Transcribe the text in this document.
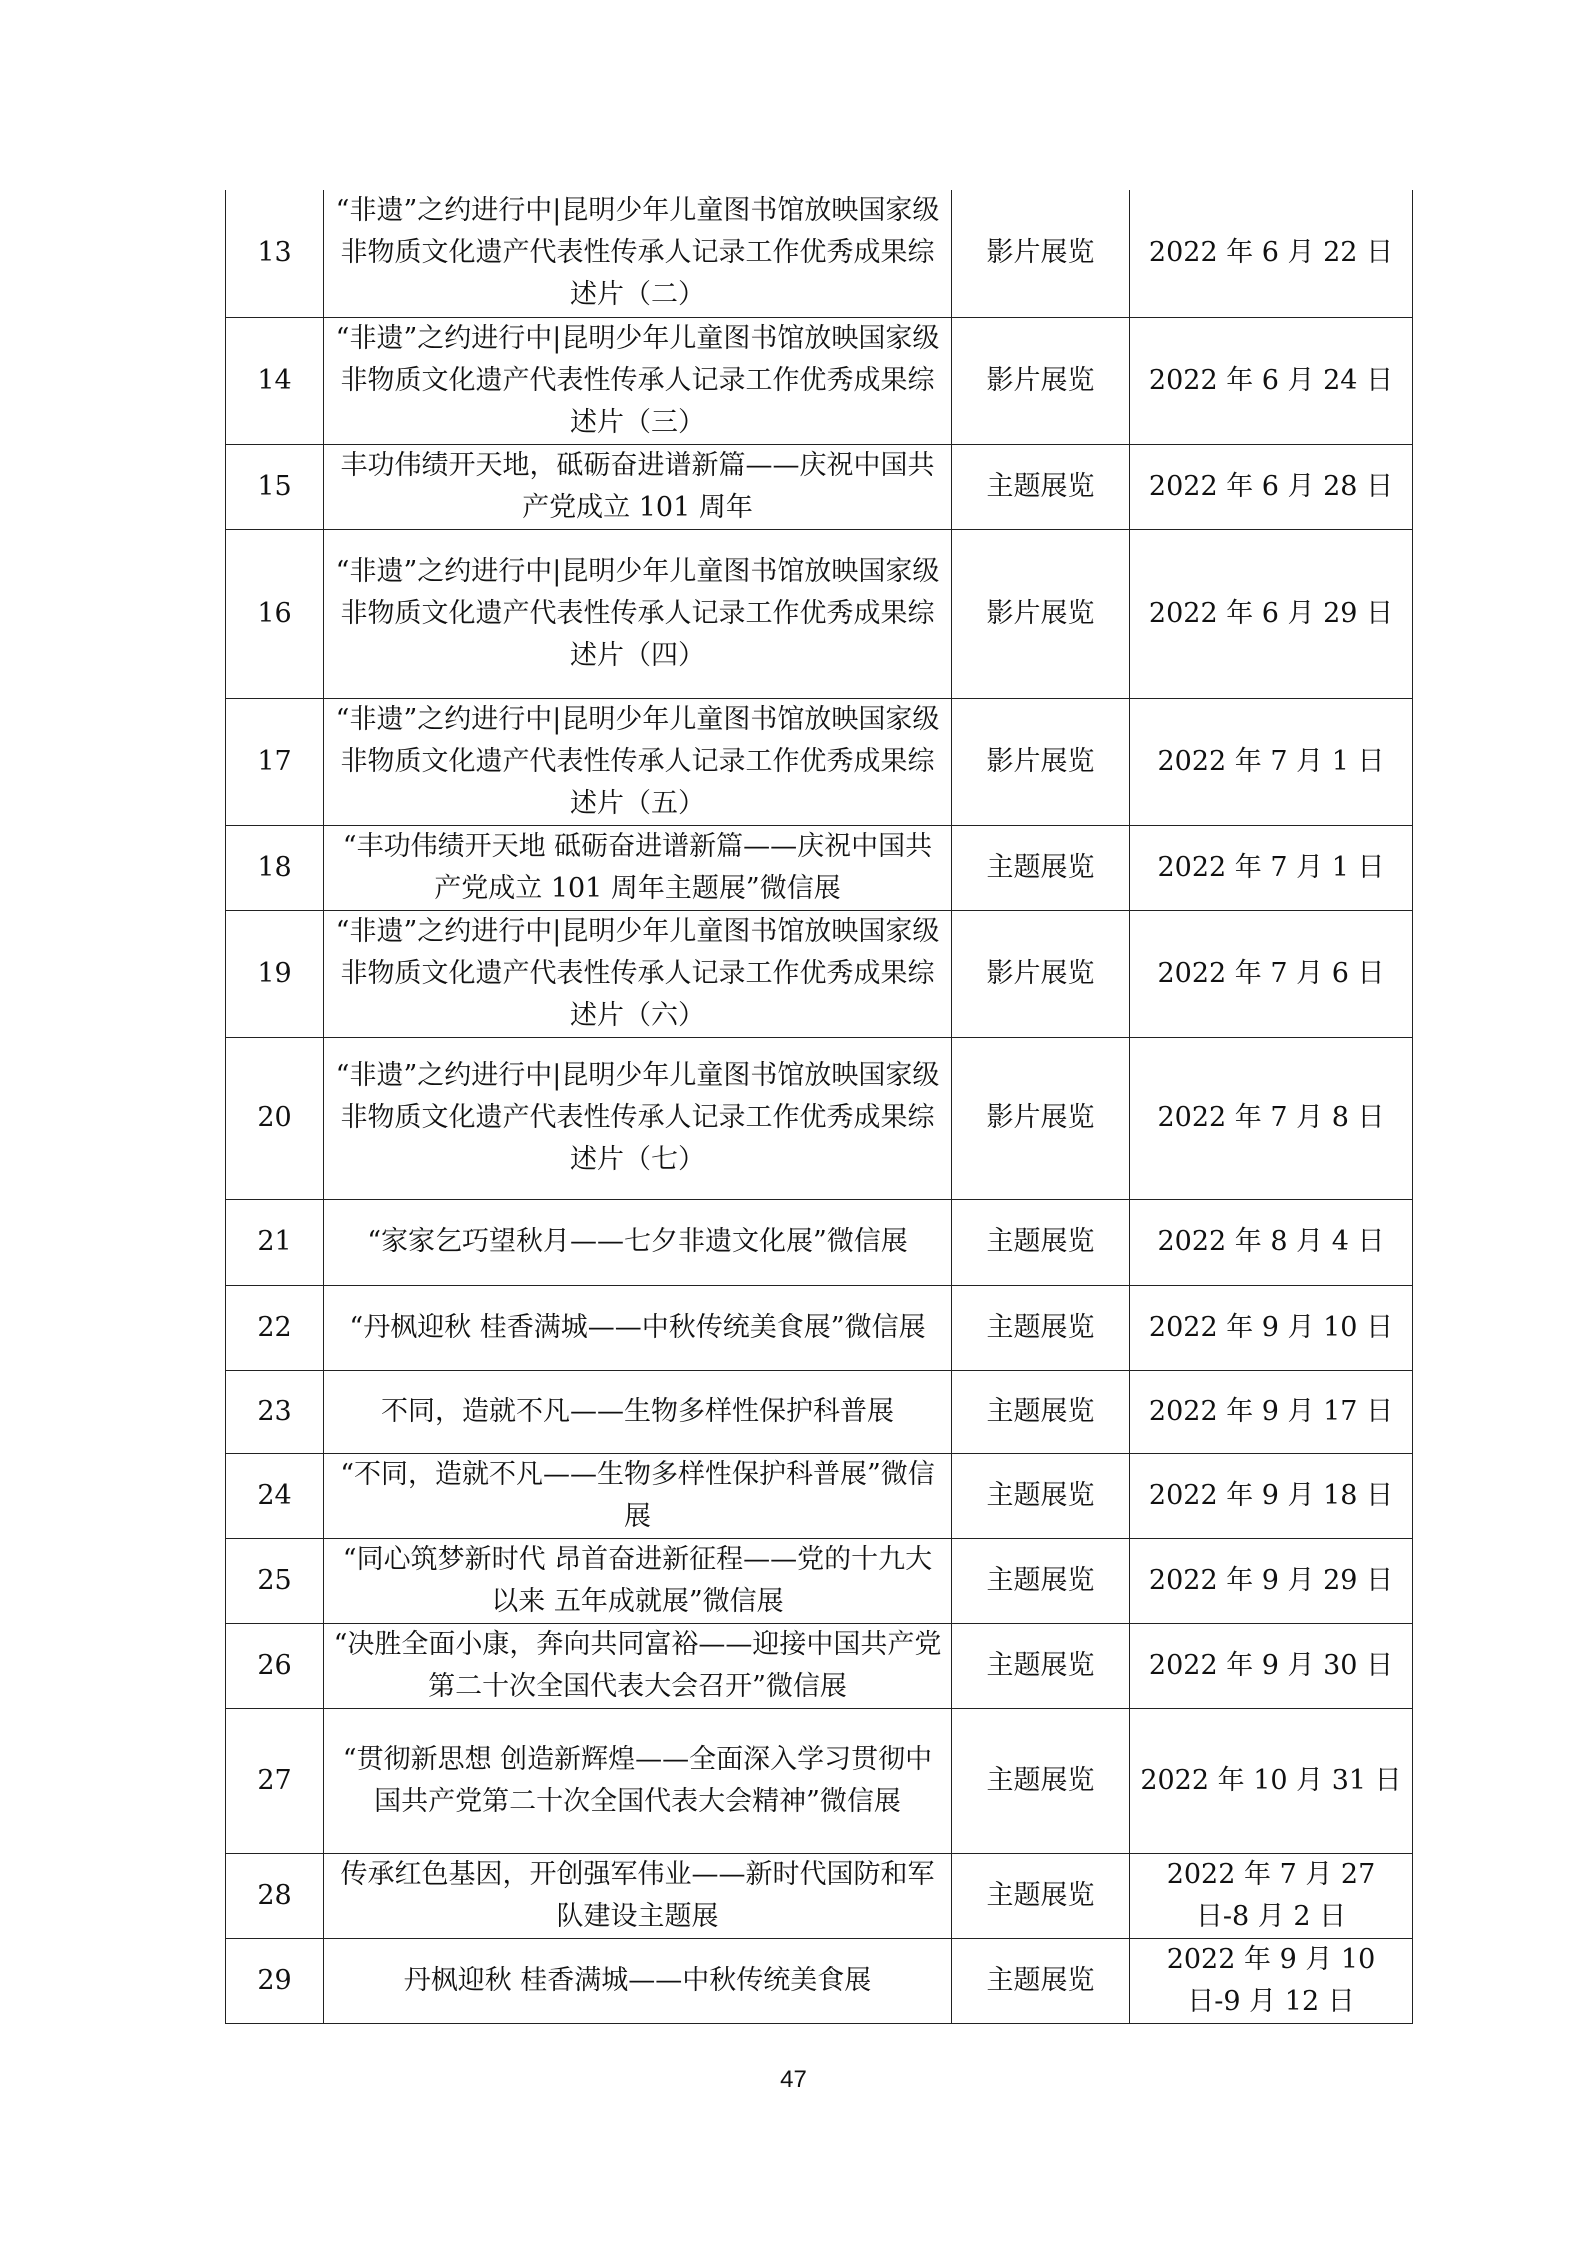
13	“非遗”之约进行中|昆明少年儿童图书馆放映国家级非物质文化遗产代表性传承人记录工作优秀成果综述片（二）	影片展览	2022 年 6 月 22 日
14	“非遗”之约进行中|昆明少年儿童图书馆放映国家级非物质文化遗产代表性传承人记录工作优秀成果综述片（三）	影片展览	2022 年 6 月 24 日
15	丰功伟绩开天地，砥砺奋进谱新篇——庆祝中国共产党成立 101 周年	主题展览	2022 年 6 月 28 日
16	“非遗”之约进行中|昆明少年儿童图书馆放映国家级非物质文化遗产代表性传承人记录工作优秀成果综述片（四）	影片展览	2022 年 6 月 29 日
17	“非遗”之约进行中|昆明少年儿童图书馆放映国家级非物质文化遗产代表性传承人记录工作优秀成果综述片（五）	影片展览	2022 年 7 月 1 日
18	“丰功伟绩开天地 砥砺奋进谱新篇——庆祝中国共产党成立 101 周年主题展”微信展	主题展览	2022 年 7 月 1 日
19	“非遗”之约进行中|昆明少年儿童图书馆放映国家级非物质文化遗产代表性传承人记录工作优秀成果综述片（六）	影片展览	2022 年 7 月 6 日
20	“非遗”之约进行中|昆明少年儿童图书馆放映国家级非物质文化遗产代表性传承人记录工作优秀成果综述片（七）	影片展览	2022 年 7 月 8 日
21	“家家乞巧望秋月——七夕非遗文化展”微信展	主题展览	2022 年 8 月 4 日
22	“丹枫迎秋 桂香满城——中秋传统美食展”微信展	主题展览	2022 年 9 月 10 日
23	不同，造就不凡——生物多样性保护科普展	主题展览	2022 年 9 月 17 日
24	“不同，造就不凡——生物多样性保护科普展”微信展	主题展览	2022 年 9 月 18 日
25	“同心筑梦新时代 昂首奋进新征程——党的十九大以来 五年成就展”微信展	主题展览	2022 年 9 月 29 日
26	“决胜全面小康，奔向共同富裕——迎接中国共产党第二十次全国代表大会召开”微信展	主题展览	2022 年 9 月 30 日
27	“贯彻新思想 创造新辉煌——全面深入学习贯彻中国共产党第二十次全国代表大会精神”微信展	主题展览	2022 年 10 月 31 日
28	传承红色基因，开创强军伟业——新时代国防和军队建设主题展	主题展览	2022 年 7 月 27 日-8 月 2 日
29	丹枫迎秋 桂香满城——中秋传统美食展	主题展览	2022 年 9 月 10 日-9 月 12 日
47
